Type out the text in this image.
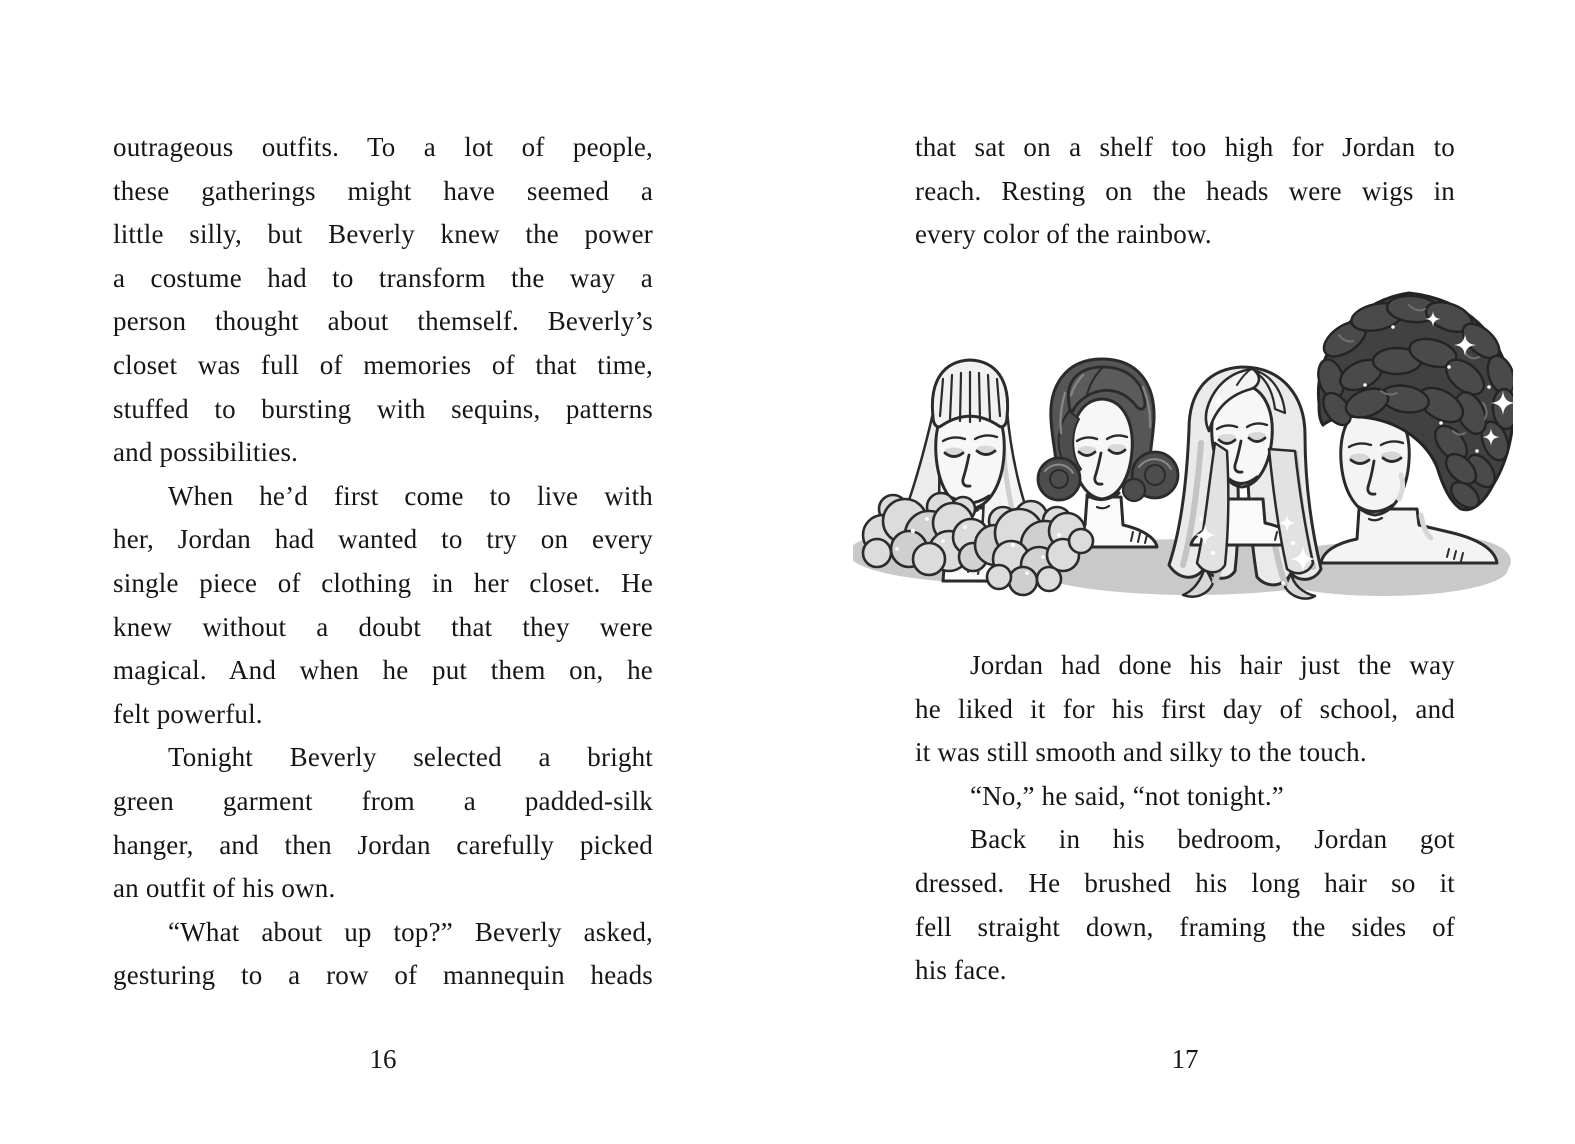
outrageous outfits. To a lot of people,
these gatherings might have seemed a
little silly, but Beverly knew the power
a costume had to transform the way a
person thought about themself. Beverly’s
closet was full of memories of that time,
stuffed to bursting with sequins, patterns
and possibilities.
When he’d first come to live with
her, Jordan had wanted to try on every
single piece of clothing in her closet. He
knew without a doubt that they were
magical. And when he put them on, he
felt powerful.
Tonight Beverly selected a bright
green garment from a padded-silk
hanger, and then Jordan carefully picked
an outfit of his own.
“What about up top?” Beverly asked,
gesturing to a row of mannequin heads
16
that sat on a shelf too high for Jordan to
reach. Resting on the heads were wigs in
every color of the rainbow.
Jordan had done his hair just the way
he liked it for his first day of school, and
it was still smooth and silky to the touch.
“No,” he said, “not tonight.”
Back in his bedroom, Jordan got
dressed. He brushed his long hair so it
fell straight down, framing the sides of
his face.
17
